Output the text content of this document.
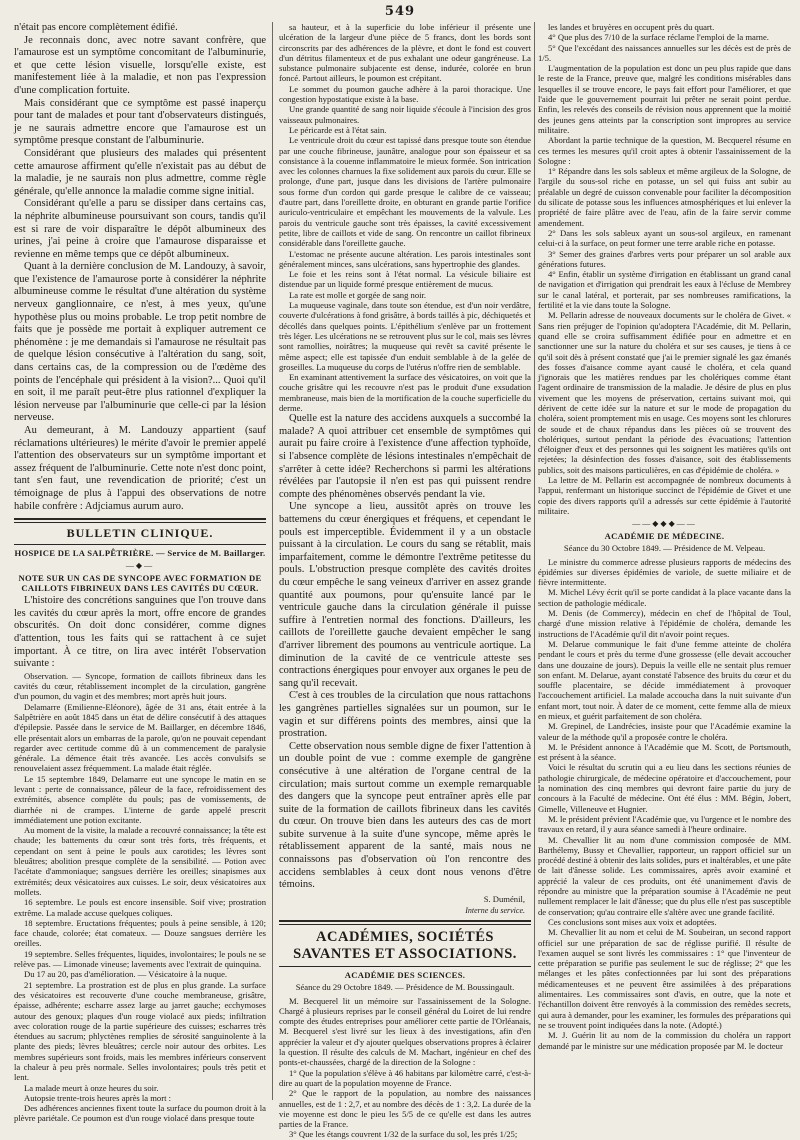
549

n'était pas encore complètement édifié.

Je reconnais donc, avec notre savant confrère, que l'amaurose est un symptôme concomitant de l'albuminurie, et que cette lésion visuelle, lorsqu'elle existe, est manifestement liée à la maladie, et non pas l'expression d'une complication fortuite.

Mais considérant que ce symptôme est passé inaperçu pour tant de malades et pour tant d'observateurs distingués, je ne saurais admettre encore que l'amaurose est un symptôme presque constant de l'albuminurie.

Considérant que plusieurs des malades qui présentent cette amaurose affirment qu'elle n'existait pas au début de la maladie, je ne saurais non plus admettre, comme règle générale, qu'elle annonce la maladie comme signe initial.

Considérant qu'elle a paru se dissiper dans certains cas, la néphrite albumineuse poursuivant son cours, tandis qu'il est si rare de voir disparaître le dépôt albumineux des urines, j'ai peine à croire que l'amaurose disparaisse et revienne en même temps que ce dépôt albumineux.

Quant à la dernière conclusion de M. Landouzy, à savoir, que l'existence de l'amaurose porte à considérer la néphrite albumineuse comme le résultat d'une altération du système nerveux ganglionnaire, ce n'est, à mes yeux, qu'une hypothèse plus ou moins probable. Le trop petit nombre de faits que je possède me portait à expliquer autrement ce phénomène : je me demandais si l'amaurose ne résultait pas de quelque lésion consécutive à l'altération du sang, soit, dans certains cas, de la compression ou de l'œdème des points de l'encéphale qui président à la vision?... Quoi qu'il en soit, il me paraît peut-être plus rationnel d'expliquer la lésion nerveuse par l'albuminurie que celle-ci par la lésion nerveuse.

Au demeurant, à M. Landouzy appartient (sauf réclamations ultérieures) le mérite d'avoir le premier appelé l'attention des observateurs sur un symptôme important et assez fréquent de l'albuminurie. Cette note n'est donc point, tant s'en faut, une revendication de priorité; c'est un témoignage de plus à l'appui des observations de notre habile confrère : Adjciamus aurum auro.

BULLETIN CLINIQUE.
HOSPICE DE LA SALPÊTRIÈRE. — Service de M. Baillarger.
—◆—
NOTE SUR UN CAS DE SYNCOPE AVEC FORMATION DE CAILLOTS FIBRINEUX DANS LES CAVITÉS DU CŒUR.

L'histoire des concrétions sanguines que l'on trouve dans les cavités du cœur après la mort, offre encore de grandes obscurités. On doit donc considérer, comme dignes d'attention, tous les faits qui se rattachent à ce sujet important. À ce titre, on lira avec intérêt l'observation suivante :

Observation. — Syncope, formation de caillots fibrineux dans les cavités du cœur, rétablissement incomplet de la circulation, gangrène d'un poumon, du vagin et des membres; mort après huit jours.

Delamarre (Emilienne-Eléonore), âgée de 31 ans, était entrée à la Salpêtrière en août 1845 dans un état de délire consécutif à des attaques d'épilepsie. Passée dans le service de M. Baillarger, en décembre 1846, elle présentait alors un embarras de la parole, qu'on ne pouvait cependant regarder avec certitude comme dû à un commencement de paralysie générale. La démence était très avancée. Les accès convulsifs se renouvelaient assez fréquemment. La malade était réglée.

Le 15 septembre 1849, Delamarre eut une syncope le matin en se levant : perte de connaissance, pâleur de la face, refroidissement des extrémités, absence complète du pouls; pas de vomissements, de diarrhée ni de crampes. L'interne de garde appelé prescrit immédiatement une potion excitante.

Au moment de la visite, la malade a recouvré connaissance; la tête est chaude; les battements du cœur sont très forts, très fréquents, et cependant on sent à peine le pouls aux carotides; les lèvres sont bleuâtres; abolition presque complète de la sensibilité. — Potion avec l'acétate d'ammoniaque; sangsues derrière les oreilles; sinapismes aux extrémités; deux vésicatoires aux cuisses. Le soir, deux vésicatoires aux mollets.

16 septembre. Le pouls est encore insensible. Soif vive; prostration extrême. La malade accuse quelques coliques.

18 septembre. Eructations fréquentes; pouls à peine sensible, à 120; face chaude, colorée; état comateux. — Douze sangsues derrière les oreilles.

19 septembre. Selles fréquentes, liquides, involontaires; le pouls ne se relève pas. — Limonade vineuse; lavements avec l'extrait de quinquina.

Du 17 au 20, pas d'amélioration. — Vésicatoire à la nuque.

21 septembre. La prostration est de plus en plus grande. La surface des vésicatoires est recouverte d'une couche membraneuse, grisâtre, épaisse, adhérente; escharre assez large au jarret gauche; ecchymoses autour des genoux; plaques d'un rouge violacé aux pieds; infiltration avec coloration rouge de la partie supérieure des cuisses; escharres très étendues au sacrum; phlyctènes remplies de sérosité sanguinolente à la plante des pieds; lèvres bleuâtres; cercle noir autour des orbites. Les membres supérieurs sont froids, mais les membres inférieurs conservent la chaleur à peu près normale. Selles involontaires; pouls très petit et lent.

La malade meurt à onze heures du soir.

Autopsie trente-trois heures après la mort :

Des adhérences anciennes fixent toute la surface du poumon droit à la plèvre pariétale. Ce poumon est d'un rouge violacé dans presque toute

sa hauteur, et à la superficie du lobe inférieur il présente une ulcération de la largeur d'une pièce de 5 francs, dont les bords sont circonscrits par des adhérences de la plèvre, et dont le fond est couvert d'un détritus filamenteux et de pus exhalant une odeur gangréneuse. La substance pulmonaire subjacente est dense, indurée, colorée en brun foncé. Partout ailleurs, le poumon est crépitant.

Le sommet du poumon gauche adhère à la paroi thoracique. Une congestion hypostatique existe à la base.

Une grande quantité de sang noir liquide s'écoule à l'incision des gros vaisseaux pulmonaires.

Le péricarde est à l'état sain.

Le ventricule droit du cœur est tapissé dans presque toute son étendue par une couche fibrineuse, jaunâtre, analogue pour son épaisseur et sa consistance à la couenne inflammatoire le mieux formée. Son intrication avec les colonnes charnues la fixe solidement aux parois du cœur. Elle se prolonge, d'une part, jusque dans les divisions de l'artère pulmonaire sous forme d'un cordon qui garde presque le calibre de ce vaisseau; d'autre part, dans l'oreillette droite, en obturant en grande partie l'orifice auriculo-ventriculaire et empêchant les mouvements de la valvule. Les parois du ventricule gauche sont très épaisses, la cavité excessivement petite, libre de caillots et vide de sang. On rencontre un caillot fibrineux considérable dans l'oreillette gauche.

L'estomac ne présente aucune altération. Les parois intestinales sont généralement minces, sans ulcérations, sans hypertrophie des glandes.

Le foie et les reins sont à l'état normal. La vésicule biliaire est distendue par un liquide formé presque entièrement de mucus.

La rate est molle et gorgée de sang noir.

La muqueuse vaginale, dans toute son étendue, est d'un noir verdâtre, couverte d'ulcérations à fond grisâtre, à bords taillés à pic, déchiquetés et décollés dans quelques points. L'épithélium s'enlève par un frottement très léger. Les ulcérations ne se retrouvent plus sur le col, mais ses lèvres sont ramollies, noirâtres; la muqueuse qui revêt sa cavité présente le même aspect; elle est tapissée d'un enduit semblable à de la gelée de groseilles. La muqueuse du corps de l'utérus n'offre rien de semblable.

En examinant attentivement la surface des vésicatoires, on voit que la couche grisâtre qui les recouvre n'est pas le produit d'une exsudation membraneuse, mais bien de la mortification de la couche superficielle du derme.

Quelle est la nature des accidens auxquels a succombé la malade? A quoi attribuer cet ensemble de symptômes qui aurait pu faire croire à l'existence d'une affection typhoïde, si l'absence complète de lésions intestinales n'empêchait de s'arrêter à cette idée? Recherchons si parmi les altérations révélées par l'autopsie il n'en est pas qui puissent rendre compte des phénomènes observés pendant la vie.

Une syncope a lieu, aussitôt après on trouve les battemens du cœur énergiques et fréquens, et cependant le pouls est imperceptible. Évidemment il y a un obstacle puissant à la circulation. Le cours du sang se rétablit, mais imparfaitement, comme le démontre l'extrême petitesse du pouls. L'obstruction presque complète des cavités droites du cœur empêche le sang veineux d'arriver en assez grande quantité aux poumons, pour qu'ensuite lancé par le ventricule gauche dans la circulation générale il puisse suffire à l'entretien normal des fonctions. D'ailleurs, les caillots de l'oreillette gauche devaient empêcher le sang d'arriver librement des poumons au ventricule aortique. La diminution de la cavité de ce ventricule atteste ses contractions énergiques pour envoyer aux organes le peu de sang qu'il recevait.

C'est à ces troubles de la circulation que nous rattachons les gangrènes partielles signalées sur un poumon, sur le vagin et sur différens points des membres, ainsi que la prostration.

Cette observation nous semble digne de fixer l'attention à un double point de vue : comme exemple de gangrène consécutive à une altération de l'organe central de la circulation; mais surtout comme un exemple remarquable des dangers que la syncope peut entraîner après elle par suite de la formation de caillots fibrineux dans les cavités du cœur. On trouve bien dans les auteurs des cas de mort subite survenue à la suite d'une syncope, même après le rétablissement apparent de la santé, mais nous ne connaissons pas d'observation où l'on rencontre des accidens semblables à ceux dont nous venons d'être témoins.

S. Duménil,
Interne du service.
ACADÉMIES, SOCIÉTÉS SAVANTES ET ASSOCIATIONS.
ACADÉMIE DES SCIENCES.
Séance du 29 Octobre 1849. — Présidence de M. Boussingault.

M. Becquerel lit un mémoire sur l'assainissement de la Sologne. Chargé à plusieurs reprises par le conseil général du Loiret de lui rendre compte des études entreprises pour améliorer cette partie de l'Orléanais, M. Becquerel s'est livré sur les lieux à des investigations, afin d'en apprécier la valeur et d'y ajouter quelques observations propres à éclairer la question. Il résulte des calculs de M. Machart, ingénieur en chef des ponts-et-chaussées, chargé de la direction de la Sologne :

1° Que la population s'élève à 46 habitans par kilomètre carré, c'est-à-dire au quart de la population moyenne de France.

2° Que le rapport de la population, au nombre des naissances annuelles, est de 1 : 2,7, et au nombre des décès de 1 : 3,2. La durée de la vie moyenne est donc le pieu les 5/5 de ce qu'elle est dans les autres parties de la France.

3° Que les étangs couvrent 1/32 de la surface du sol, les prés 1/25;

les landes et bruyères en occupent près du quart.

4° Que plus des 7/10 de la surface réclame l'emploi de la marne.

5° Que l'excédant des naissances annuelles sur les décès est de près de 1/5.

L'augmentation de la population est donc un peu plus rapide que dans le reste de la France, preuve que, malgré les conditions misérables dans lesquelles il se trouve encore, le pays fait effort pour l'améliorer, et que l'aide que le gouvernement pourrait lui prêter ne serait point perdue. Enfin, les relevés des conseils de révision nous apprennent que la moitié des jeunes gens atteints par la conscription sont impropres au service militaire.

Abordant la partie technique de la question, M. Becquerel résume en ces termes les mesures qu'il croit aptes à obtenir l'assainissement de la Sologne :

1° Répandre dans les sols sableux et même argileux de la Sologne, de l'argile du sous-sol riche en potasse, un sel qui fuiss ant subir au préalable un degré de cuisson convenable pour faciliter la décomposition du silicate de potasse sous les influences atmosphériques et lui enlever la propriété de faire plâtre avec de l'eau, afin de la faire servir comme amendement.

2° Dans les sols sableux ayant un sous-sol argileux, en ramenant celui-ci à la surface, on peut former une terre arable riche en potasse.

3° Semer des graines d'arbres verts pour préparer un sol arable aux générations futures.

4° Enfin, établir un système d'irrigation en établissant un grand canal de navigation et d'irrigation qui prendrait les eaux à l'écluse de Membrey sur le canal latéral, et porterait, par ses nombreuses ramifications, la fertilité et la vie dans toute la Sologne.

M. Pellarin adresse de nouveaux documents sur le choléra de Givet. « Sans rien préjuger de l'opinion qu'adoptera l'Académie, dit M. Pellarin, quand elle se croira suffisamment édifiée pour en admettre et en sanctionner une sur la nature du choléra et sur ses causes, je tiens à ce qu'il soit dès à présent constaté que j'ai le premier signalé les gaz émanés des fosses d'aisance comme ayant causé le choléra, et cela quand j'ignorais que les matières rendues par les cholériques comme étant l'agent ordinaire de transmission de la maladie. Je désire de plus en plus vivement que les moyens de préservation, certains suivant moi, qui dérivent de cette idée sur la nature et sur le mode de propagation du choléra, soient promptement mis en usage. Ces moyens sont les chlorures de soude et de chaux répandus dans les pièces où se trouvent des cholériques, surtout pendant la période des évacuations; l'attention d'éloigner d'eux et des personnes qui les soignent les matières qu'ils ont rejetées; la désinfection des fosses d'aisance, soit des établissements publics, soit des maisons particulières, en cas d'épidémie de choléra. »

La lettre de M. Pellarin est accompagnée de nombreux documents à l'appui, renfermant un historique succinct de l'épidémie de Givet et une copie des divers rapports qu'il a adressés sur cette épidémie à l'autorité militaire.

——◆◆◆——
ACADÉMIE DE MÉDECINE.
Séance du 30 Octobre 1849. — Présidence de M. Velpeau.

Le ministre du commerce adresse plusieurs rapports de médecins des épidémies sur diverses épidémies de variole, de suette miliaire et de fièvre intermittente.

M. Michel Lévy écrit qu'il se porte candidat à la place vacante dans la section de pathologie médicale.

M. Denis (de Commercy), médecin en chef de l'hôpital de Toul, chargé d'une mission relative à l'épidémie de choléra, demande les instructions de l'Académie qu'il dit n'avoir point reçues.

M. Delarue communique le fait d'une femme atteinte de choléra pendant le cours et près du terme d'une grossesse (elle devait accoucher dans une douzaine de jours). Depuis la veille elle ne sentait plus remuer son enfant. M. Delarue, ayant constaté l'absence des bruits du cœur et du souffle placentaire, se décide immédiatement à provoquer l'accouchement artificiel. La malade accoucha dans la nuit suivante d'un enfant mort, tout noir. À dater de ce moment, cette femme alla de mieux en mieux, et guérit parfaitement de son choléra.

M. Grepinel, de Landrécies, insiste pour que l'Académie examine la valeur de la méthode qu'il a proposée contre le choléra.

M. le Président annonce à l'Académie que M. Scott, de Portsmouth, est présent à la séance.

Voici le résultat du scrutin qui a eu lieu dans les sections réunies de pathologie chirurgicale, de médecine opératoire et d'accouchement, pour la nomination des cinq membres qui devront faire partie du jury de concours à la Faculté de médecine. Ont été élus : MM. Bégin, Jobert, Gimelle, Villeneuve et Hugnier.

M. le président prévient l'Académie que, vu l'urgence et le nombre des travaux en retard, il y aura séance samedi à l'heure ordinaire.

M. Chevallier lit au nom d'une commission composée de MM. Barthélemy, Bussy et Chevallier, rapporteur, un rapport officiel sur un procédé destiné à obtenir des laits solides, purs et inaltérables, et une pâte de lait d'ânesse solide. Les commissaires, après avoir examiné et apprécié la valeur de ces produits, ont été unanimement d'avis de répondre au ministre que la préparation soumise à l'Académie ne peut nullement remplacer le lait d'ânesse; que du plus elle n'est pas susceptible de conservation; qu'au contraire elle s'altère avec une grande facilité.

Ces conclusions sont mises aux voix et adoptées.

M. Chevallier lit au nom et celui de M. Soubeiran, un second rapport officiel sur une préparation de sac de réglisse purifié. Il résulte de l'examen auquel se sont livrés les commissaires : 1° que l'inventeur de cette préparation se purifie pas seulement le suc de réglisse; 2° que les mélanges et les pâtes confectionnées par lui sont des préparations médicamenteuses et ne peuvent être assimilées à des préparations alimentaires. Les commissaires sont d'avis, en outre, que la note et l'échantillon doivent être renvoyés à la commission des remèdes secrets, qui aura à demander, pour les examiner, les formules des préparations qui ne se trouvent point indiquées dans la note. (Adopté.)

M. J. Guérin lit au nom de la commission du choléra un rapport demandé par le ministre sur une médication proposée par M. le docteur
